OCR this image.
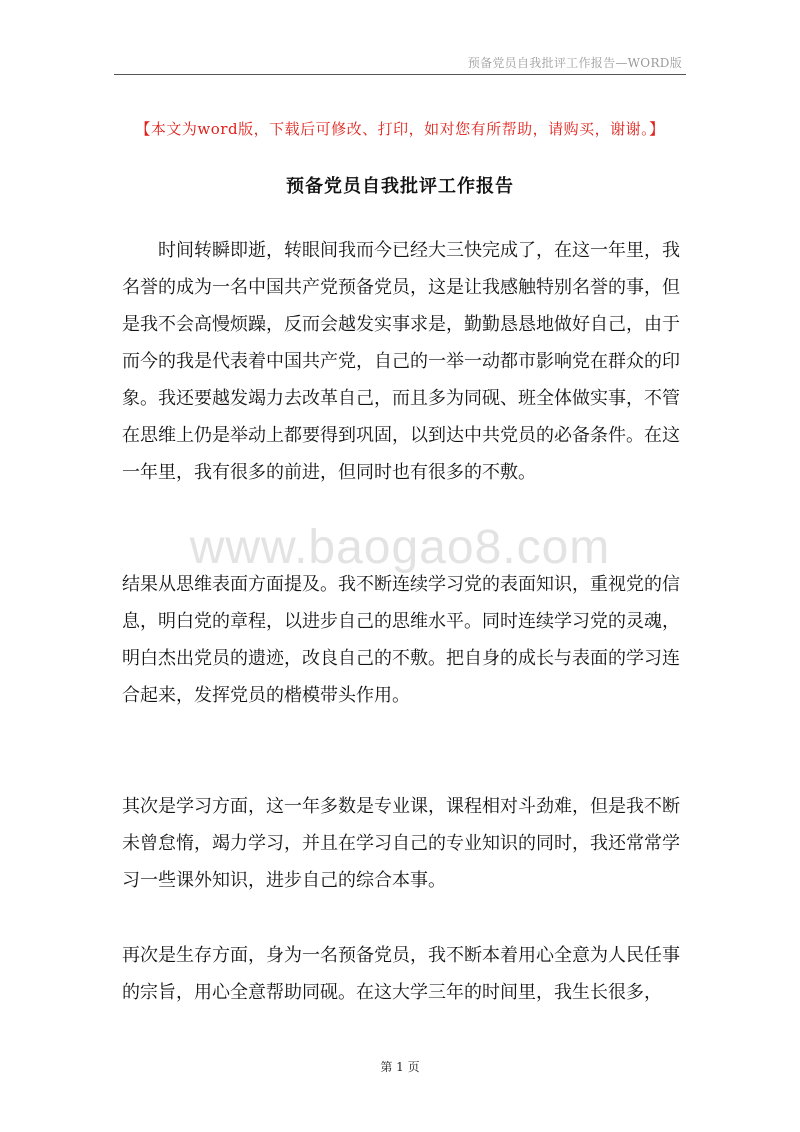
预备党员自我批评工作报告—WORD版
【本文为word版，下载后可修改、打印，如对您有所帮助，请购买，谢谢。】
预备党员自我批评工作报告
www.baogao8.com

时间转瞬即逝，转眼间我而今已经大三快完成了，在这一年里，我名誉的成为一名中国共产党预备党员，这是让我感触特别名誉的事，但是我不会高慢烦躁，反而会越发实事求是，勤勤恳恳地做好自己，由于而今的我是代表着中国共产党，自己的一举一动都市影响党在群众的印象。我还要越发竭力去改革自己，而且多为同砚、班全体做实事，不管在思维上仍是举动上都要得到巩固，以到达中共党员的必备条件。在这一年里，我有很多的前进，但同时也有很多的不敷。

结果从思维表面方面提及。我不断连续学习党的表面知识，重视党的信息，明白党的章程，以进步自己的思维水平。同时连续学习党的灵魂，明白杰出党员的遗迹，改良自己的不敷。把自身的成长与表面的学习连合起来，发挥党员的楷模带头作用。

其次是学习方面，这一年多数是专业课，课程相对斗劲难，但是我不断未曾怠惰，竭力学习，并且在学习自己的专业知识的同时，我还常常学习一些课外知识，进步自己的综合本事。

再次是生存方面，身为一名预备党员，我不断本着用心全意为人民任事的宗旨，用心全意帮助同砚。在这大学三年的时间里，我生长很多，

第 1 页
